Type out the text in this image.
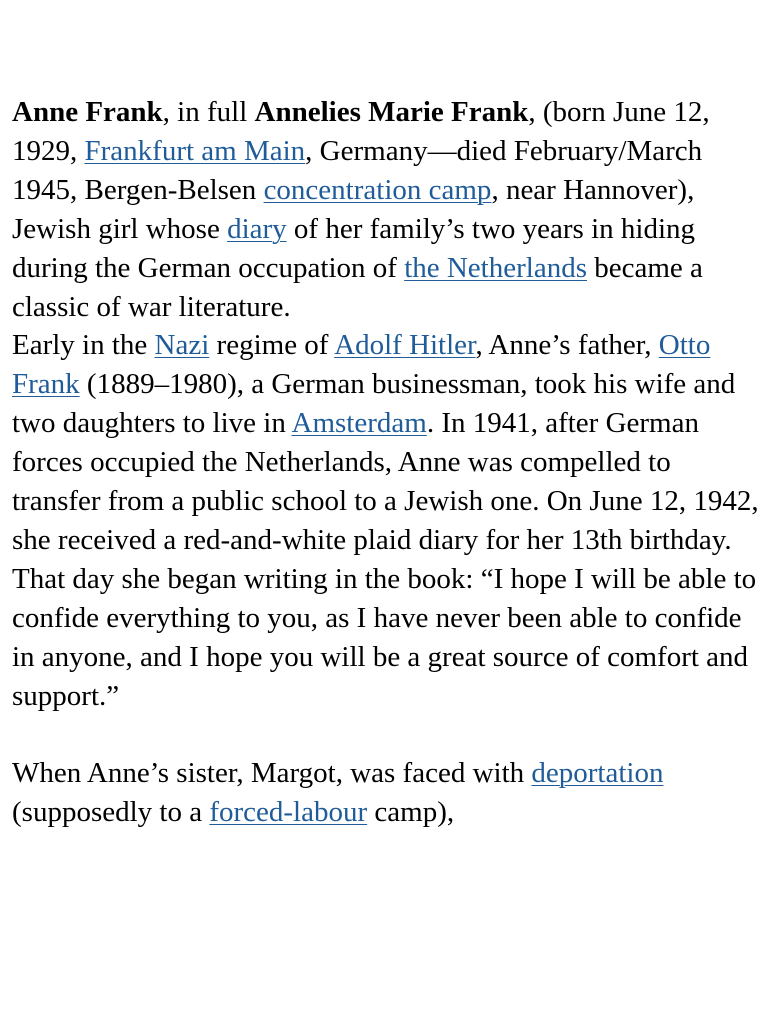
Anne Frank, in full Annelies Marie Frank, (born June 12, 1929, Frankfurt am Main, Germany—died February/March 1945, Bergen-Belsen concentration camp, near Hannover), Jewish girl whose diary of her family’s two years in hiding during the German occupation of the Netherlands became a classic of war literature.

Early in the Nazi regime of Adolf Hitler, Anne’s father, Otto Frank (1889–1980), a German businessman, took his wife and two daughters to live in Amsterdam. In 1941, after German forces occupied the Netherlands, Anne was compelled to transfer from a public school to a Jewish one. On June 12, 1942, she received a red-and-white plaid diary for her 13th birthday. That day she began writing in the book: “I hope I will be able to confide everything to you, as I have never been able to confide in anyone, and I hope you will be a great source of comfort and support.”

When Anne’s sister, Margot, was faced with deportation (supposedly to a forced-labour camp),
